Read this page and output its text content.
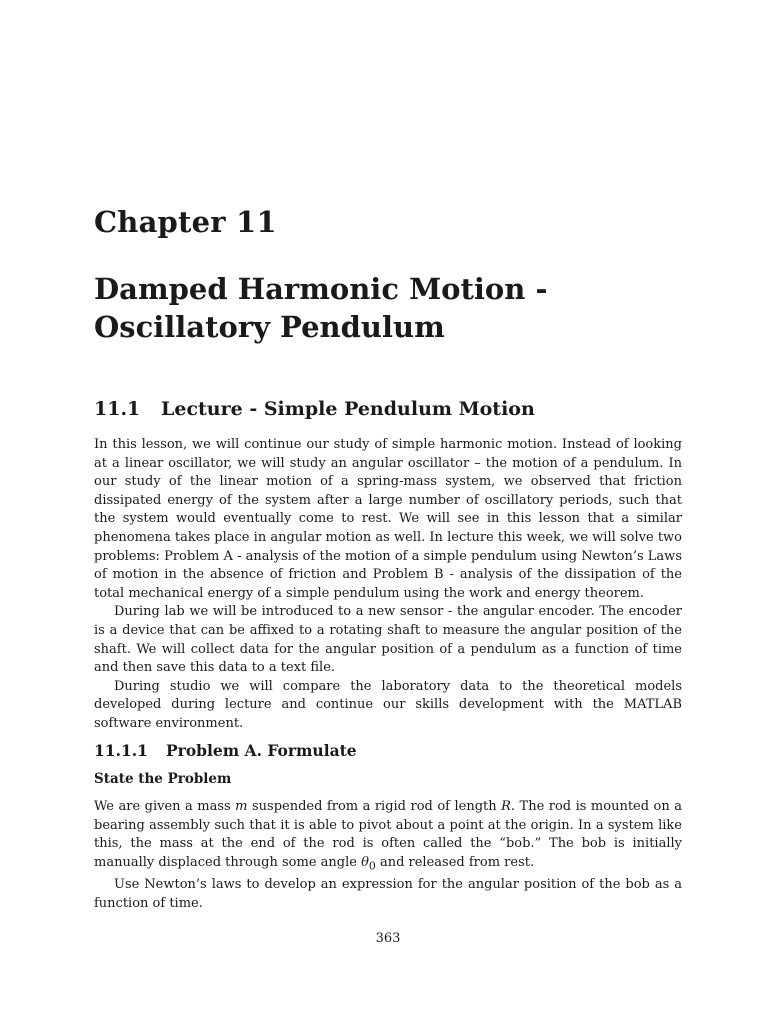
Chapter 11
Damped Harmonic Motion -
Oscillatory Pendulum
11.1 Lecture - Simple Pendulum Motion

In this lesson, we will continue our study of simple harmonic motion. Instead of looking at a linear oscillator, we will study an angular oscillator – the motion of a pendulum. In our study of the linear motion of a spring-mass system, we observed that friction dissipated energy of the system after a large number of oscillatory periods, such that the system would eventually come to rest. We will see in this lesson that a similar phenomena takes place in angular motion as well. In lecture this week, we will solve two problems: Problem A - analysis of the motion of a simple pendulum using Newton’s Laws of motion in the absence of friction and Problem B - analysis of the dissipation of the total mechanical energy of a simple pendulum using the work and energy theorem.

During lab we will be introduced to a new sensor - the angular encoder. The encoder is a device that can be affixed to a rotating shaft to measure the angular position of the shaft. We will collect data for the angular position of a pendulum as a function of time and then save this data to a text file.

During studio we will compare the laboratory data to the theoretical models developed during lecture and continue our skills development with the MATLAB software environment.

11.1.1 Problem A. Formulate
State the Problem

We are given a mass m suspended from a rigid rod of length R. The rod is mounted on a bearing assembly such that it is able to pivot about a point at the origin. In a system like this, the mass at the end of the rod is often called the “bob.” The bob is initially manually displaced through some angle $\theta_0$ and released from rest.

Use Newton’s laws to develop an expression for the angular position of the bob as a function of time.

363
